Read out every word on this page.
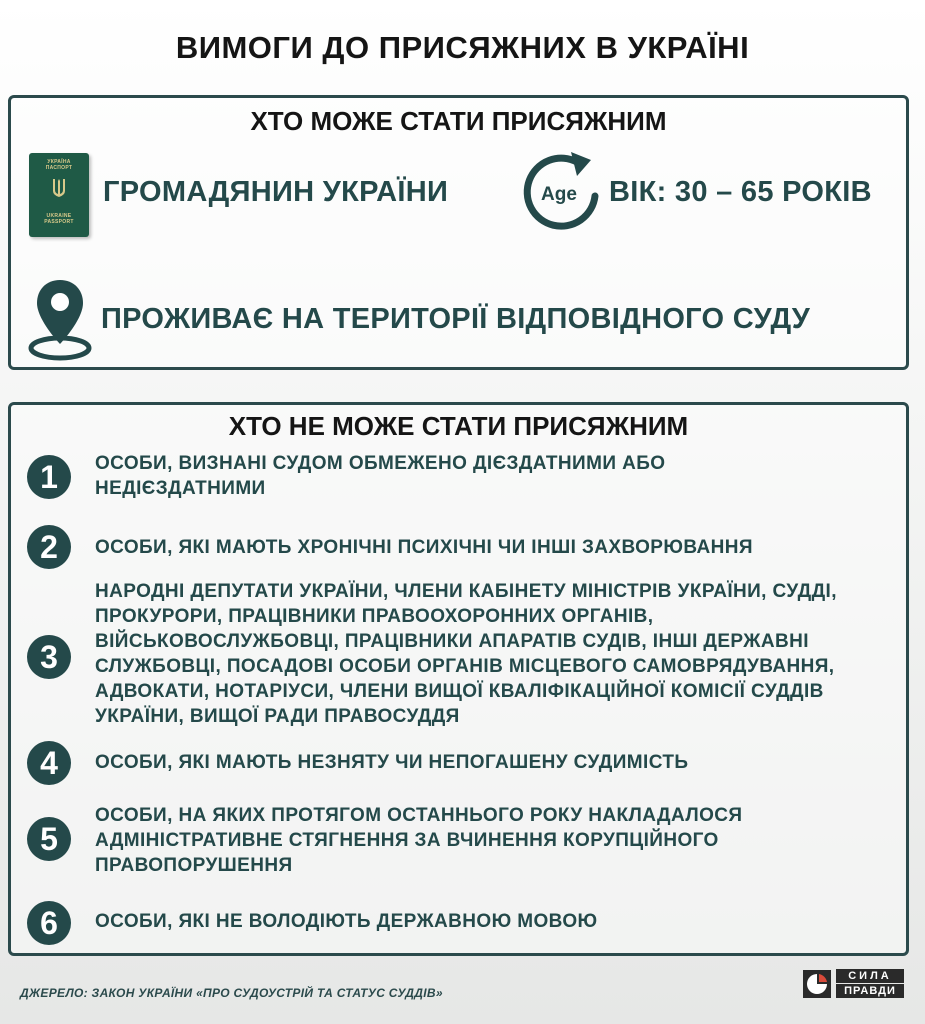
ВИМОГИ ДО ПРИСЯЖНИХ В УКРАЇНІ
ХТО МОЖЕ СТАТИ ПРИСЯЖНИМ
УКРАЇНА
ПАСПОРТ
UKRAINE
PASSPORT
ГРОМАДЯНИН УКРАЇНИ	Age ВІК: 30 – 65 РОКІВ
ПРОЖИВАЄ НА ТЕРИТОРІЇ ВІДПОВІДНОГО СУДУ
ХТО НЕ МОЖЕ СТАТИ ПРИСЯЖНИМ
1	ОСОБИ, ВИЗНАНІ СУДОМ ОБМЕЖЕНО ДІЄЗДАТНИМИ АБО НЕДІЄЗДАТНИМИ
2	ОСОБИ, ЯКІ МАЮТЬ ХРОНІЧНІ ПСИХІЧНІ ЧИ ІНШІ ЗАХВОРЮВАННЯ
3
НАРОДНІ ДЕПУТАТИ УКРАЇНИ, ЧЛЕНИ КАБІНЕТУ МІНІСТРІВ УКРАЇНИ, СУДДІ, ПРОКУРОРИ, ПРАЦІВНИКИ ПРАВООХОРОННИХ ОРГАНІВ, ВІЙСЬКОВОСЛУЖБОВЦІ, ПРАЦІВНИКИ АПАРАТІВ СУДІВ, ІНШІ ДЕРЖАВНІ СЛУЖБОВЦІ, ПОСАДОВІ ОСОБИ ОРГАНІВ МІСЦЕВОГО САМОВРЯДУВАННЯ, АДВОКАТИ, НОТАРІУСИ, ЧЛЕНИ ВИЩОЇ КВАЛІФІКАЦІЙНОЇ КОМІСІЇ СУДДІВ УКРАЇНИ, ВИЩОЇ РАДИ ПРАВОСУДДЯ
4	ОСОБИ, ЯКІ МАЮТЬ НЕЗНЯТУ ЧИ НЕПОГАШЕНУ СУДИМІСТЬ
5
ОСОБИ, НА ЯКИХ ПРОТЯГОМ ОСТАННЬОГО РОКУ НАКЛАДАЛОСЯ АДМІНІСТРАТИВНЕ СТЯГНЕННЯ ЗА ВЧИНЕННЯ КОРУПЦІЙНОГО ПРАВОПОРУШЕННЯ
6	ОСОБИ, ЯКІ НЕ ВОЛОДІЮТЬ ДЕРЖАВНОЮ МОВОЮ
ДЖЕРЕЛО: ЗАКОН УКРАЇНИ «ПРО СУДОУСТРІЙ ТА СТАТУС СУДДІВ»
СИЛА
ПРАВДИ
